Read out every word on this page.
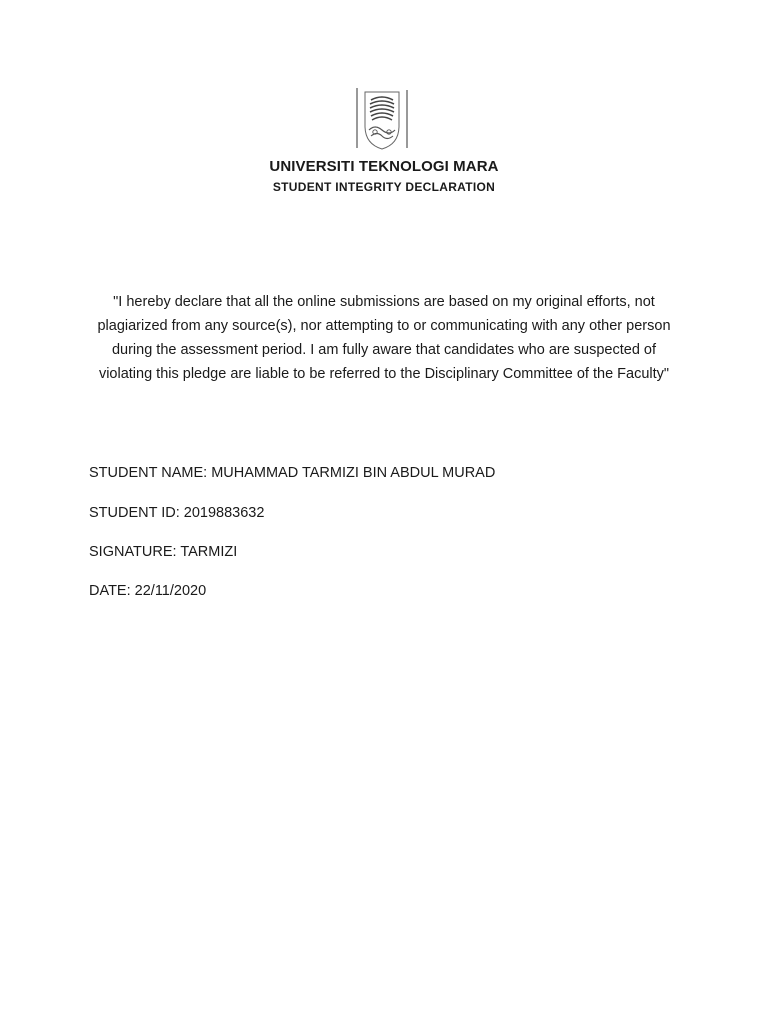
UNIVERSITI TEKNOLOGI MARA
STUDENT INTEGRITY DECLARATION
"I hereby declare that all the online submissions are based on my original efforts, not plagiarized from any source(s), nor attempting to or communicating with any other person during the assessment period. I am fully aware that candidates who are suspected of violating this pledge are liable to be referred to the Disciplinary Committee of the Faculty"
STUDENT NAME: MUHAMMAD TARMIZI BIN ABDUL MURAD
STUDENT ID: 2019883632
SIGNATURE: TARMIZI
DATE: 22/11/2020
